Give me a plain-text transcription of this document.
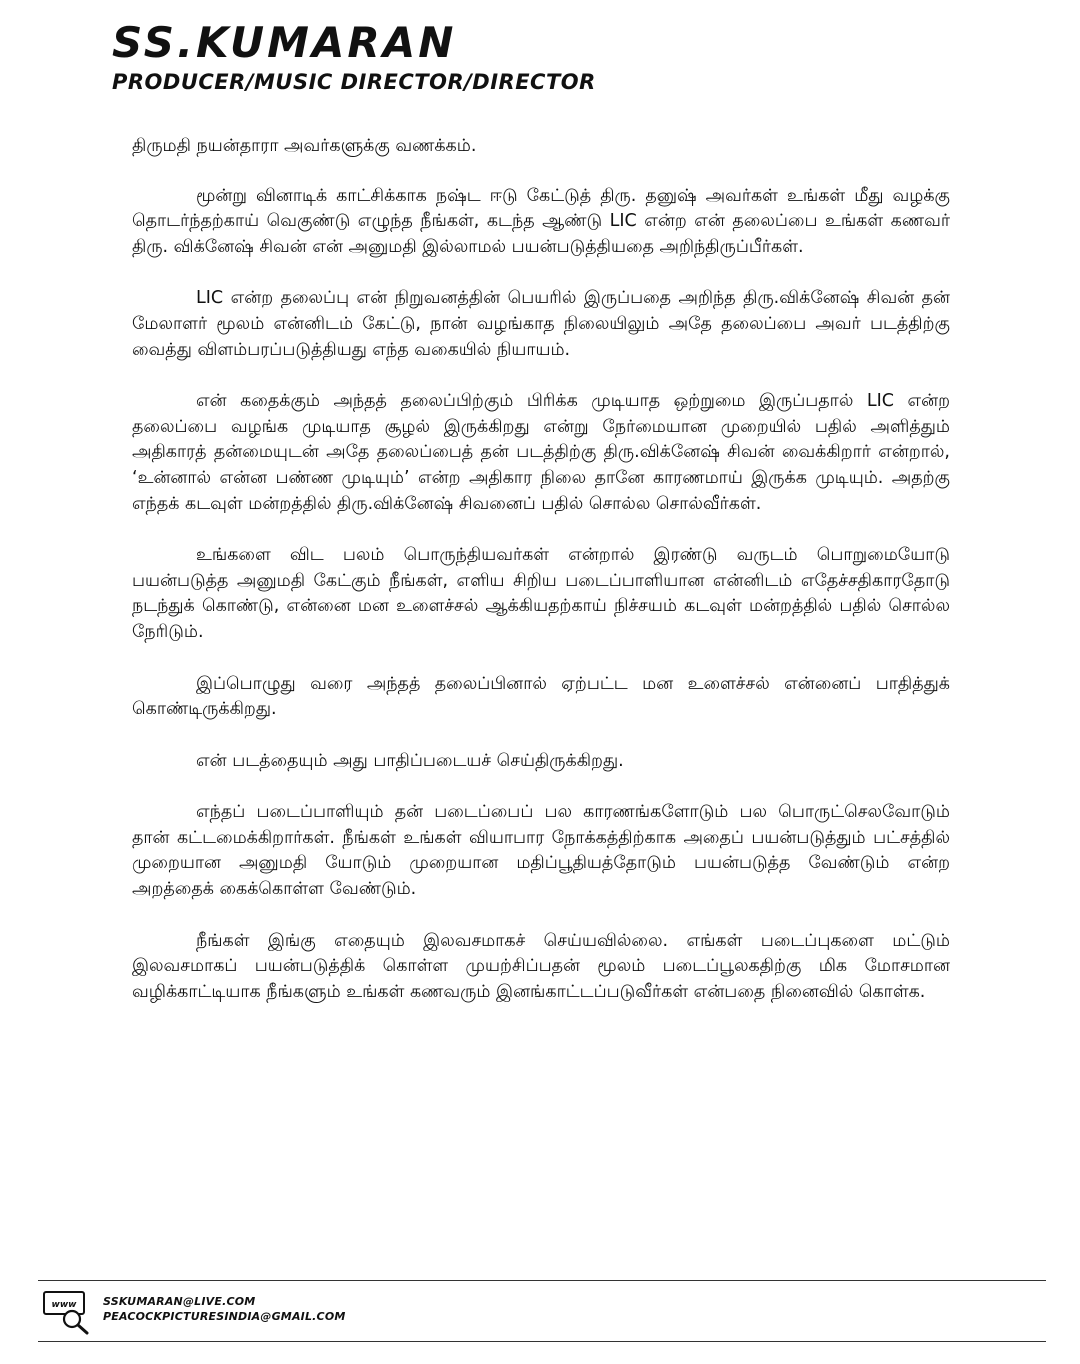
SS.KUMARAN
PRODUCER/MUSIC DIRECTOR/DIRECTOR

திருமதி நயன்தாரா அவர்களுக்கு வணக்கம்.

மூன்று வினாடிக் காட்சிக்காக நஷ்ட ஈடு கேட்டுத் திரு. தனுஷ் அவர்கள் உங்கள் மீது வழக்கு தொடர்ந்தற்காய் வெகுண்டு எழுந்த நீங்கள், கடந்த ஆண்டு LIC என்ற என் தலைப்பை உங்கள் கணவர் திரு. விக்னேஷ் சிவன் என் அனுமதி இல்லாமல் பயன்படுத்தியதை அறிந்திருப்பீர்கள்.

LIC என்ற தலைப்பு என் நிறுவனத்தின் பெயரில் இருப்பதை அறிந்த திரு.விக்னேஷ் சிவன் தன் மேலாளர் மூலம் என்னிடம் கேட்டு, நான் வழங்காத நிலையிலும் அதே தலைப்பை அவர் படத்திற்கு வைத்து விளம்பரப்படுத்தியது எந்த வகையில் நியாயம்.

என் கதைக்கும் அந்தத் தலைப்பிற்கும் பிரிக்க முடியாத ஒற்றுமை இருப்பதால் LIC என்ற தலைப்பை வழங்க முடியாத சூழல் இருக்கிறது என்று நேர்மையான முறையில் பதில் அளித்தும் அதிகாரத் தன்மையுடன் அதே தலைப்பைத் தன் படத்திற்கு திரு.விக்னேஷ் சிவன் வைக்கிறார் என்றால், ‘உன்னால் என்ன பண்ண முடியும்’ என்ற அதிகார நிலை தானே காரணமாய் இருக்க முடியும். அதற்கு எந்தக் கடவுள் மன்றத்தில் திரு.விக்னேஷ் சிவனைப் பதில் சொல்ல சொல்வீர்கள்.

உங்களை விட பலம் பொருந்தியவர்கள் என்றால் இரண்டு வருடம் பொறுமையோடு பயன்படுத்த அனுமதி கேட்கும் நீங்கள், எளிய சிறிய படைப்பாளியான என்னிடம் எதேச்சதிகாரதோடு நடந்துக் கொண்டு, என்னை மன உளைச்சல் ஆக்கியதற்காய் நிச்சயம் கடவுள் மன்றத்தில் பதில் சொல்ல நேரிடும்.

இப்பொழுது வரை அந்தத் தலைப்பினால் ஏற்பட்ட மன உளைச்சல் என்னைப் பாதித்துக் கொண்டிருக்கிறது.

என் படத்தையும் அது பாதிப்படையச் செய்திருக்கிறது.

எந்தப் படைப்பாளியும் தன் படைப்பைப் பல காரணங்களோடும் பல பொருட்செலவோடும் தான் கட்டமைக்கிறார்கள். நீங்கள் உங்கள் வியாபார நோக்கத்திற்காக அதைப் பயன்படுத்தும் பட்சத்தில் முறையான அனுமதி யோடும் முறையான மதிப்பூதியத்தோடும் பயன்படுத்த வேண்டும் என்ற அறத்தைக் கைக்கொள்ள வேண்டும்.

நீங்கள் இங்கு எதையும் இலவசமாகச் செய்யவில்லை. எங்கள் படைப்புகளை மட்டும் இலவசமாகப் பயன்படுத்திக் கொள்ள முயற்சிப்பதன் மூலம் படைப்பூலகதிற்கு மிக மோசமான வழிக்காட்டியாக நீங்களும் உங்கள் கணவரும் இனங்காட்டப்படுவீர்கள் என்பதை நினைவில் கொள்க.

www SSKUMARAN@LIVE.COM
PEACOCKPICTURESINDIA@GMAIL.COM
